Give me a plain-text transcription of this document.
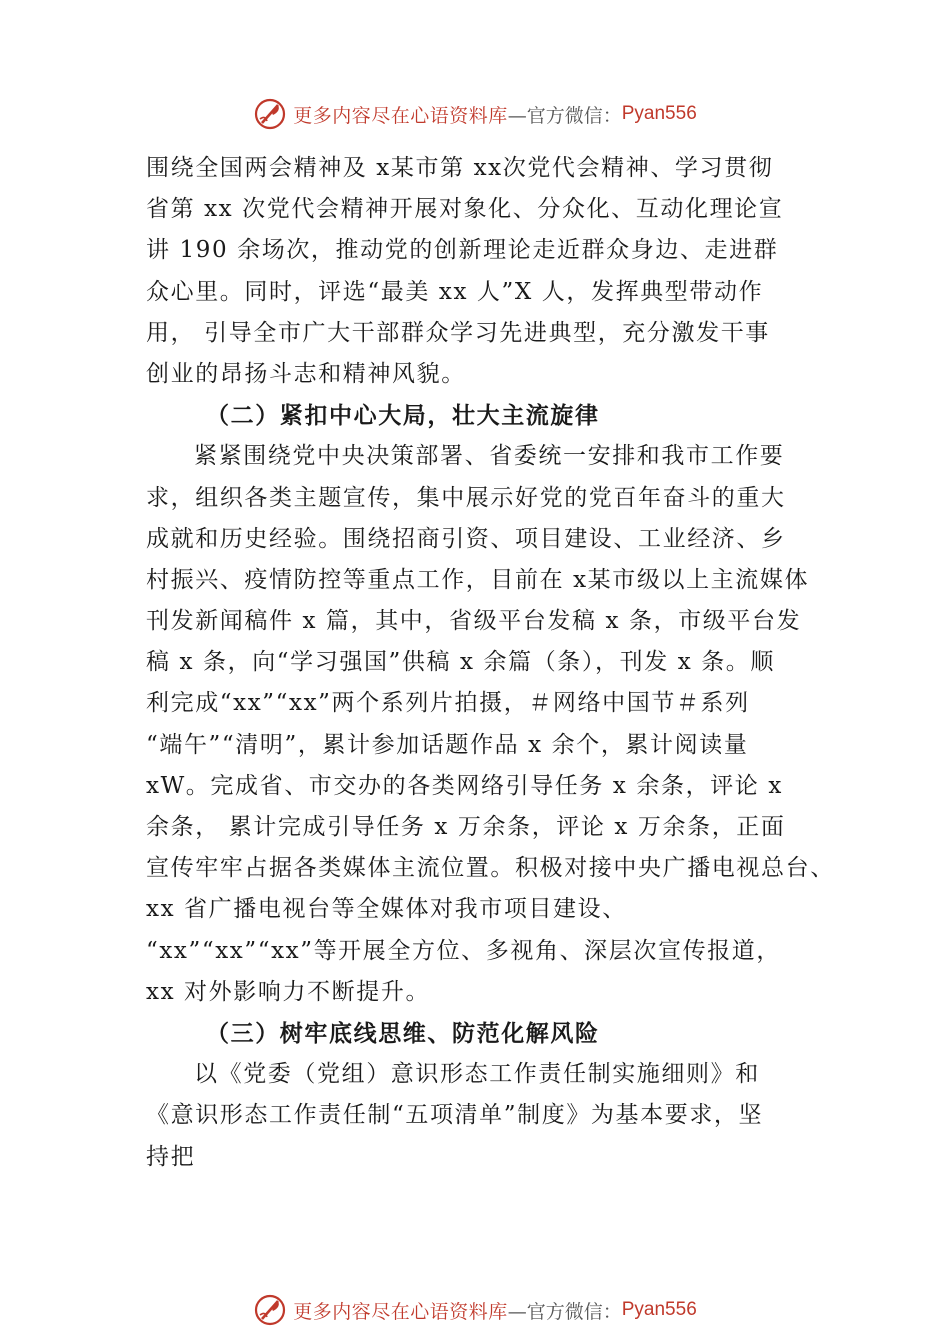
更多内容尽在心语资料库 —官方微信： Pyan556
围绕全国两会精神及 x某市第 xx次党代会精神、学习贯彻
省第 xx 次党代会精神开展对象化、分众化、互动化理论宣
讲 190 余场次，推动党的创新理论走近群众身边、走进群
众心里。同时，评选“最美 xx 人”X 人，发挥典型带动作
用， 引导全市广大干部群众学习先进典型，充分激发干事
创业的昂扬斗志和精神风貌。
（二）紧扣中心大局，壮大主流旋律
紧紧围绕党中央决策部署、省委统一安排和我市工作要
求，组织各类主题宣传，集中展示好党的党百年奋斗的重大
成就和历史经验。围绕招商引资、项目建设、工业经济、乡
村振兴、疫情防控等重点工作，目前在 x某市级以上主流媒体
刊发新闻稿件 x 篇，其中，省级平台发稿 x 条，市级平台发
稿 x 条，向“学习强国”供稿 x 余篇（条），刊发 x 条。顺
利完成“xx”“xx”两个系列片拍摄，＃网络中国节＃系列
“端午”“清明”，累计参加话题作品 x 余个，累计阅读量
xW。完成省、市交办的各类网络引导任务 x 余条，评论 x
余条， 累计完成引导任务 x 万余条，评论 x 万余条，正面
宣传牢牢占据各类媒体主流位置。积极对接中央广播电视总台、
xx 省广播电视台等全媒体对我市项目建设、
“xx”“xx”“xx”等开展全方位、多视角、深层次宣传报道，
xx 对外影响力不断提升。
（三）树牢底线思维、防范化解风险
以《党委（党组）意识形态工作责任制实施细则》和
《意识形态工作责任制“五项清单”制度》为基本要求，坚
持把
更多内容尽在心语资料库 —官方微信： Pyan556
